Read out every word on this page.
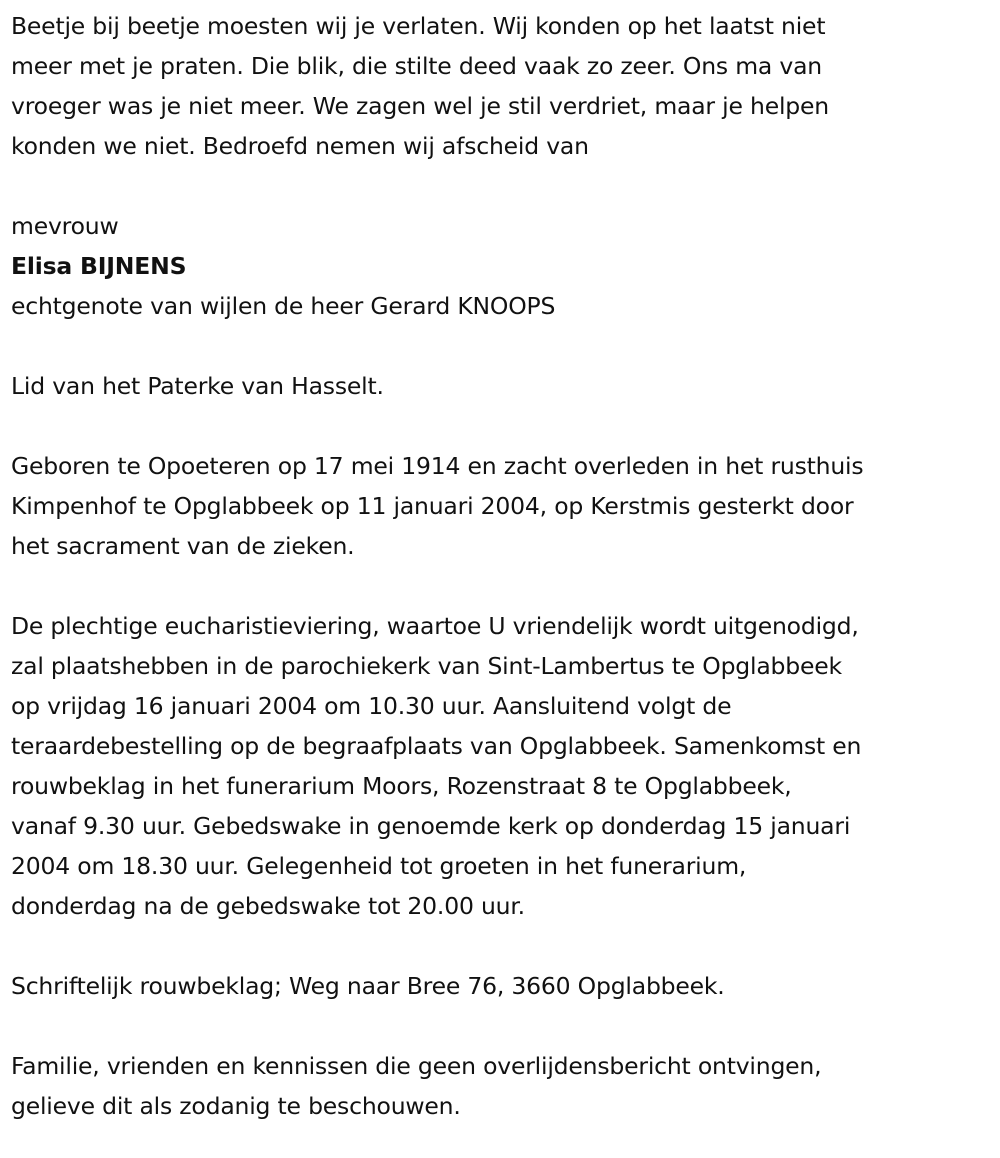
Beetje bij beetje moesten wij je verlaten. Wij konden op het laatst niet
meer met je praten. Die blik, die stilte deed vaak zo zeer. Ons ma van
vroeger was je niet meer. We zagen wel je stil verdriet, maar je helpen
konden we niet. Bedroefd nemen wij afscheid van

mevrouw

Elisa BIJNENS

echtgenote van wijlen de heer Gerard KNOOPS

Lid van het Paterke van Hasselt.

Geboren te Opoeteren op 17 mei 1914 en zacht overleden in het rusthuis
Kimpenhof te Opglabbeek op 11 januari 2004, op Kerstmis gesterkt door
het sacrament van de zieken.

De plechtige eucharistieviering, waartoe U vriendelijk wordt uitgenodigd,
zal plaatshebben in de parochiekerk van Sint-Lambertus te Opglabbeek
op vrijdag 16 januari 2004 om 10.30 uur. Aansluitend volgt de
teraardebestelling op de begraafplaats van Opglabbeek. Samenkomst en
rouwbeklag in het funerarium Moors, Rozenstraat 8 te Opglabbeek,
vanaf 9.30 uur. Gebedswake in genoemde kerk op donderdag 15 januari
2004 om 18.30 uur. Gelegenheid tot groeten in het funerarium,
donderdag na de gebedswake tot 20.00 uur.

Schriftelijk rouwbeklag; Weg naar Bree 76, 3660 Opglabbeek.

Familie, vrienden en kennissen die geen overlijdensbericht ontvingen,
gelieve dit als zodanig te beschouwen.
